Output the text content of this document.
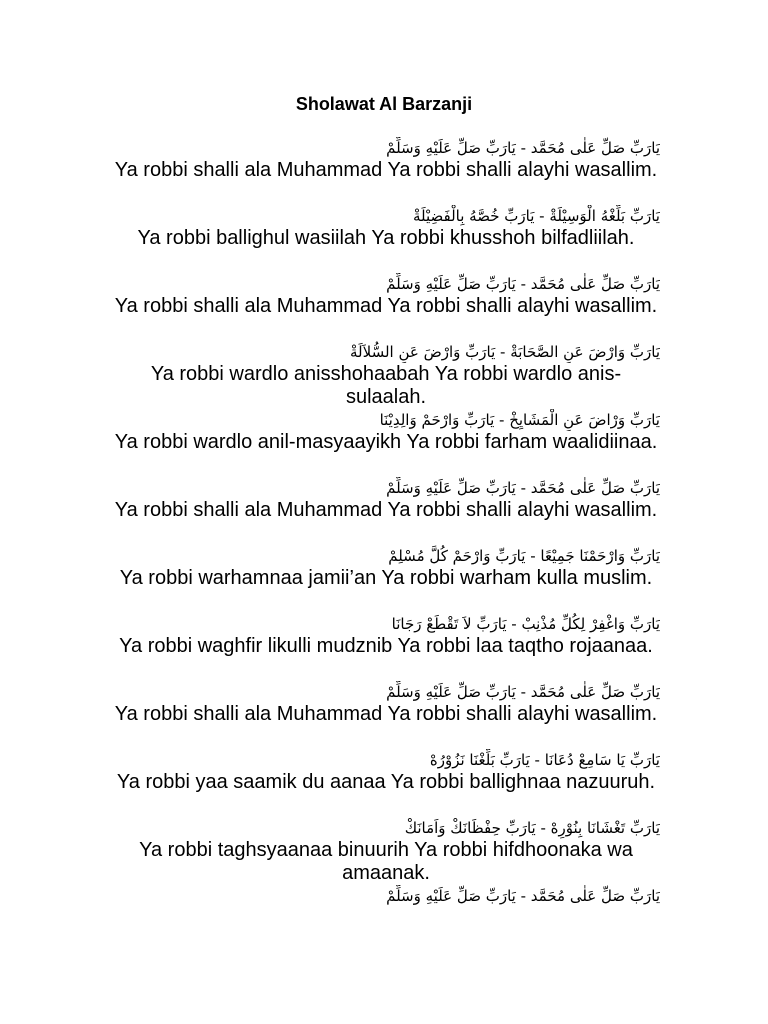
Sholawat Al Barzanji
يَارَبِّ صَلِّ عَلٰى مُحَمَّد - يَارَبِّ صَلِّ عَلَيْهِ وَسَلِّمْ
Ya robbi shalli ala Muhammad Ya robbi shalli alayhi wasallim.
يَارَبِّ بَلِّغْهُ الْوَسِيْلَةْ - يَارَبِّ خُصَّهُ بِالْفَضِيْلَةْ
Ya robbi ballighul wasiilah Ya robbi khusshoh bilfadliilah.
يَارَبِّ صَلِّ عَلٰى مُحَمَّد - يَارَبِّ صَلِّ عَلَيْهِ وَسَلِّمْ
Ya robbi shalli ala Muhammad Ya robbi shalli alayhi wasallim.
يَارَبِّ وَارْضَ عَنِ الصَّحَابَةْ - يَارَبِّ وَارْضَ عَنِ السُّلاَلَةْ
Ya robbi wardlo anisshohaabah Ya robbi wardlo anis-sulaalah.
يَارَبِّ وَرْاضَ عَنِ الْمَشَايِخْ - يَارَبِّ وَارْحَمْ وَالِدِيْنَا
Ya robbi wardlo anil-masyaayikh Ya robbi farham waalidiinaa.
يَارَبِّ صَلِّ عَلٰى مُحَمَّد - يَارَبِّ صَلِّ عَلَيْهِ وَسَلِّمْ
Ya robbi shalli ala Muhammad Ya robbi shalli alayhi wasallim.
يَارَبِّ وَارْحَمْنَا جَمِيْعًا - يَارَبِّ وَارْحَمْ كُلَّ مُسْلِمْ
Ya robbi warhamnaa jamii’an Ya robbi warham kulla muslim.
يَارَبِّ وَاغْفِرْ لِكُلِّ مُذْنِبْ - يَارَبِّ لاَ تَقْطَعْ رَجَانَا
Ya robbi waghfir likulli mudznib Ya robbi laa taqtho rojaanaa.
يَارَبِّ صَلِّ عَلٰى مُحَمَّد - يَارَبِّ صَلِّ عَلَيْهِ وَسَلِّمْ
Ya robbi shalli ala Muhammad Ya robbi shalli alayhi wasallim.
يَارَبِّ يَا سَامِعْ دُعَانَا - يَارَبِّ بَلِّغْنَا نَزُوْرُهْ
Ya robbi yaa saamik du aanaa Ya robbi ballighnaa nazuuruh.
يَارَبِّ تَغْشَانَا بِنُوْرِهْ - يَارَبِّ حِفْظَانَكْ وَاَمَانَكْ
Ya robbi taghsyaanaa binuurih Ya robbi hifdhoonaka wa amaanak.
يَارَبِّ صَلِّ عَلٰى مُحَمَّد - يَارَبِّ صَلِّ عَلَيْهِ وَسَلِّمْ
